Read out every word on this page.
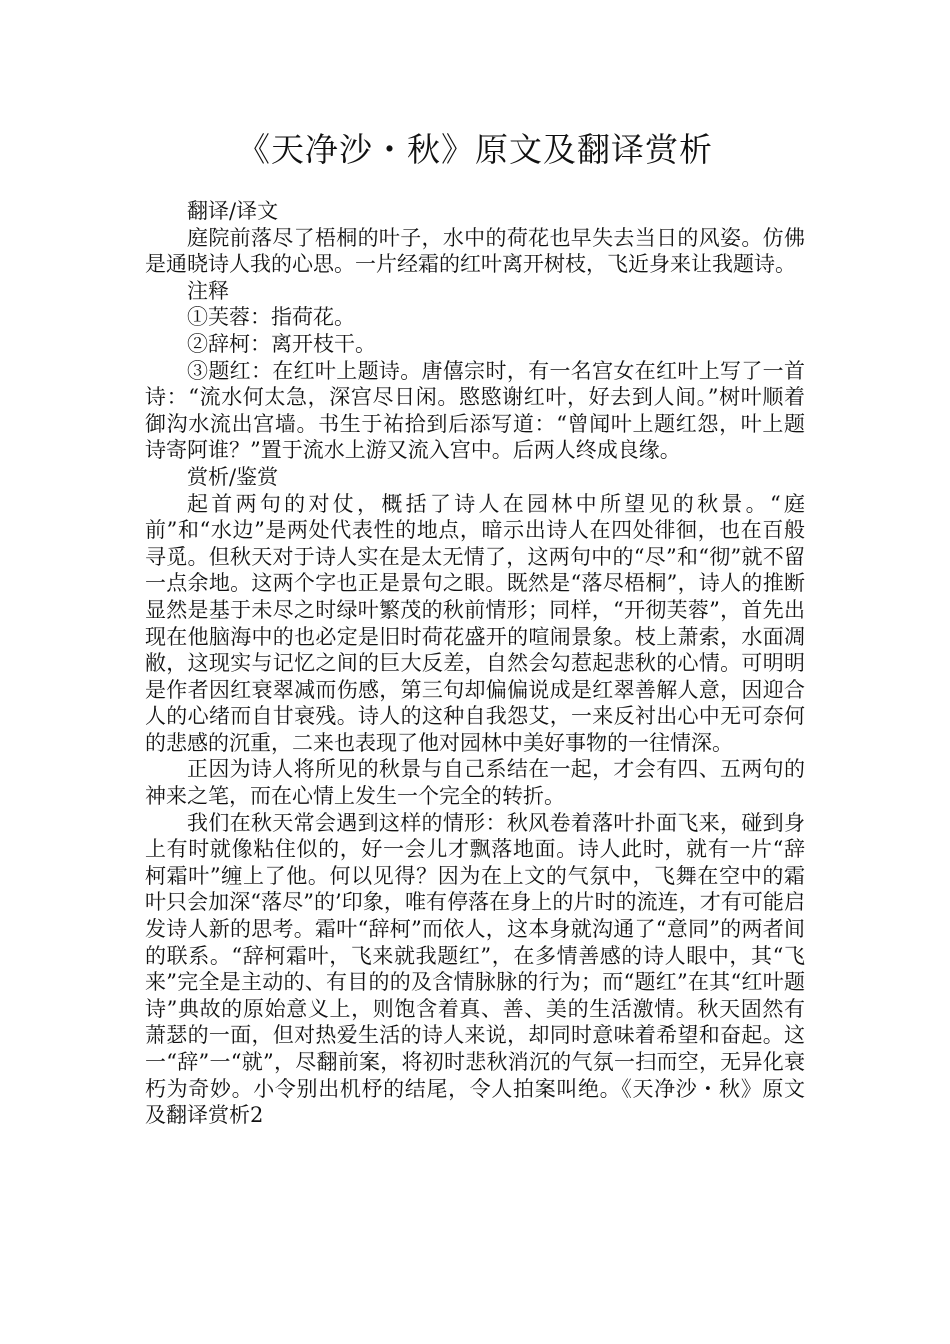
《天净沙・秋》原文及翻译赏析

翻译/译文

庭院前落尽了梧桐的叶子，水中的荷花也早失去当日的风姿。仿佛是通晓诗人我的心思。一片经霜的红叶离开树枝，飞近身来让我题诗。

注释

①芙蓉：指荷花。

②辞柯：离开枝干。

③题红：在红叶上题诗。唐僖宗时，有一名宫女在红叶上写了一首诗：“流水何太急，深宫尽日闲。愍愍谢红叶，好去到人间。”树叶顺着御沟水流出宫墙。书生于祐拾到后添写道：“曾闻叶上题红怨，叶上题诗寄阿谁？”置于流水上游又流入宫中。后两人终成良缘。

赏析/鉴赏

起首两句的对仗，概括了诗人在园林中所望见的秋景。“庭前”和“水边”是两处代表性的地点，暗示出诗人在四处徘徊，也在百般寻觅。但秋天对于诗人实在是太无情了，这两句中的“尽”和“彻”就不留一点余地。这两个字也正是景句之眼。既然是“落尽梧桐”，诗人的推断显然是基于未尽之时绿叶繁茂的秋前情形；同样，“开彻芙蓉”，首先出现在他脑海中的也必定是旧时荷花盛开的喧闹景象。枝上萧索，水面凋敝，这现实与记忆之间的巨大反差，自然会勾惹起悲秋的心情。可明明是作者因红衰翠减而伤感，第三句却偏偏说成是红翠善解人意，因迎合人的心绪而自甘衰残。诗人的这种自我怨艾，一来反衬出心中无可奈何的悲感的沉重，二来也表现了他对园林中美好事物的一往情深。

正因为诗人将所见的秋景与自己系结在一起，才会有四、五两句的神来之笔，而在心情上发生一个完全的转折。

我们在秋天常会遇到这样的情形：秋风卷着落叶扑面飞来，碰到身上有时就像粘住似的，好一会儿才飘落地面。诗人此时，就有一片“辞柯霜叶”缠上了他。何以见得？因为在上文的气氛中，飞舞在空中的霜叶只会加深“落尽”的’印象，唯有停落在身上的片时的流连，才有可能启发诗人新的思考。霜叶“辞柯”而依人，这本身就沟通了“意同”的两者间的联系。“辞柯霜叶，飞来就我题红”，在多情善感的诗人眼中，其“飞来”完全是主动的、有目的的及含情脉脉的行为；而“题红”在其“红叶题诗”典故的原始意义上，则饱含着真、善、美的生活激情。秋天固然有萧瑟的一面，但对热爱生活的诗人来说，却同时意味着希望和奋起。这一“辞”一“就”，尽翻前案，将初时悲秋消沉的气氛一扫而空，无异化衰朽为奇妙。小令别出机杼的结尾，令人拍案叫绝。《天净沙・秋》原文及翻译赏析2
